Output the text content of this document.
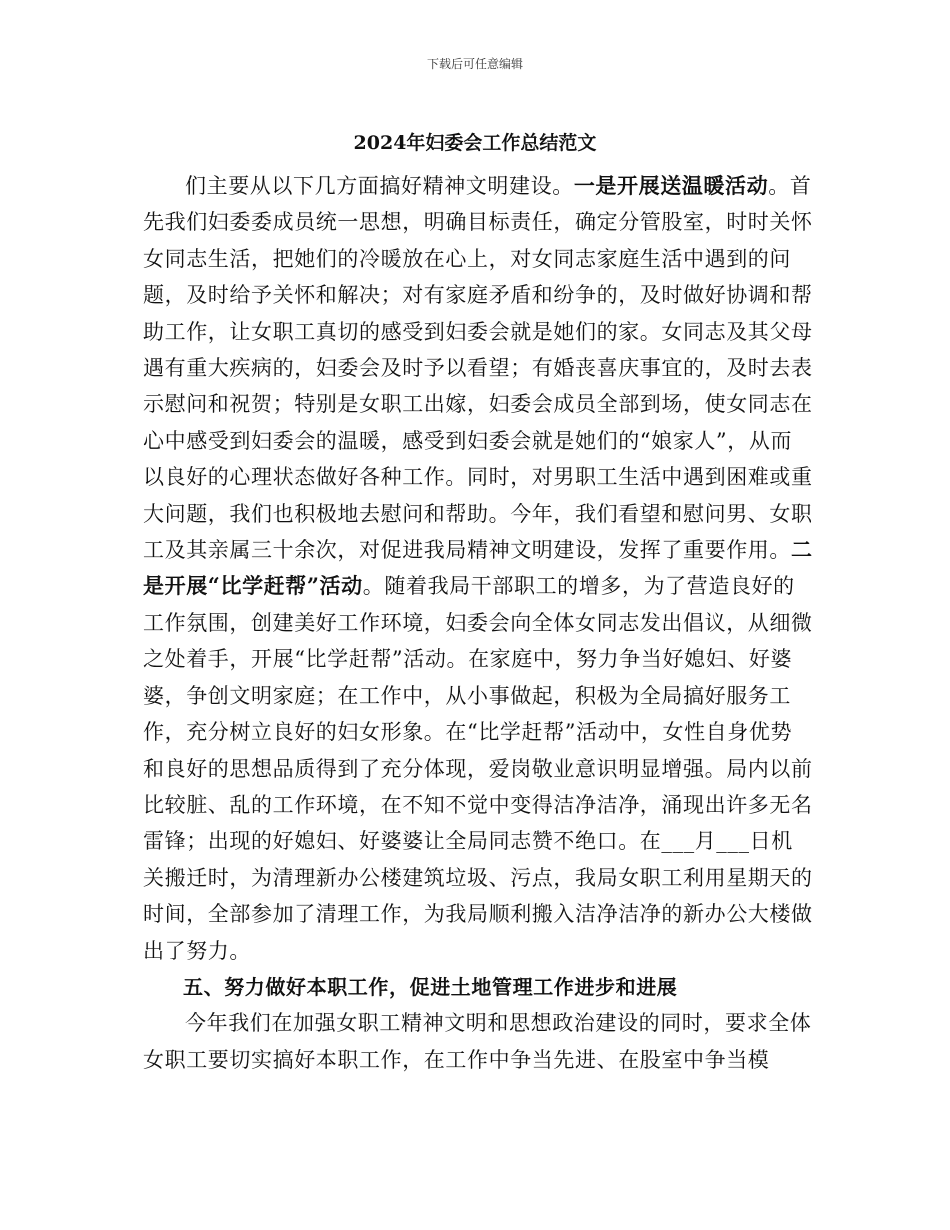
下载后可任意编辑
2024年妇委会工作总结范文

们主要从以下几方面搞好精神文明建设。一是开展送温暖活动。首先我们妇委委成员统一思想，明确目标责任，确定分管股室，时时关怀女同志生活，把她们的冷暖放在心上，对女同志家庭生活中遇到的问题，及时给予关怀和解决；对有家庭矛盾和纷争的，及时做好协调和帮助工作，让女职工真切的感受到妇委会就是她们的家。女同志及其父母遇有重大疾病的，妇委会及时予以看望；有婚丧喜庆事宜的，及时去表示慰问和祝贺；特别是女职工出嫁，妇委会成员全部到场，使女同志在心中感受到妇委会的温暖，感受到妇委会就是她们的“娘家人”，从而以良好的心理状态做好各种工作。同时，对男职工生活中遇到困难或重大问题，我们也积极地去慰问和帮助。今年，我们看望和慰问男、女职工及其亲属三十余次，对促进我局精神文明建设，发挥了重要作用。二是开展“比学赶帮”活动。随着我局干部职工的增多，为了营造良好的工作氛围，创建美好工作环境，妇委会向全体女同志发出倡议，从细微之处着手，开展“比学赶帮”活动。在家庭中，努力争当好媳妇、好婆婆，争创文明家庭；在工作中，从小事做起，积极为全局搞好服务工作，充分树立良好的妇女形象。在“比学赶帮”活动中，女性自身优势和良好的思想品质得到了充分体现，爱岗敬业意识明显增强。局内以前比较脏、乱的工作环境，在不知不觉中变得洁净洁净，涌现出许多无名雷锋；出现的好媳妇、好婆婆让全局同志赞不绝口。在___月___日机关搬迁时，为清理新办公楼建筑垃圾、污点，我局女职工利用星期天的时间，全部参加了清理工作，为我局顺利搬入洁净洁净的新办公大楼做出了努力。

五、努力做好本职工作，促进土地管理工作进步和进展

今年我们在加强女职工精神文明和思想政治建设的同时，要求全体女职工要切实搞好本职工作，在工作中争当先进、在股室中争当模
